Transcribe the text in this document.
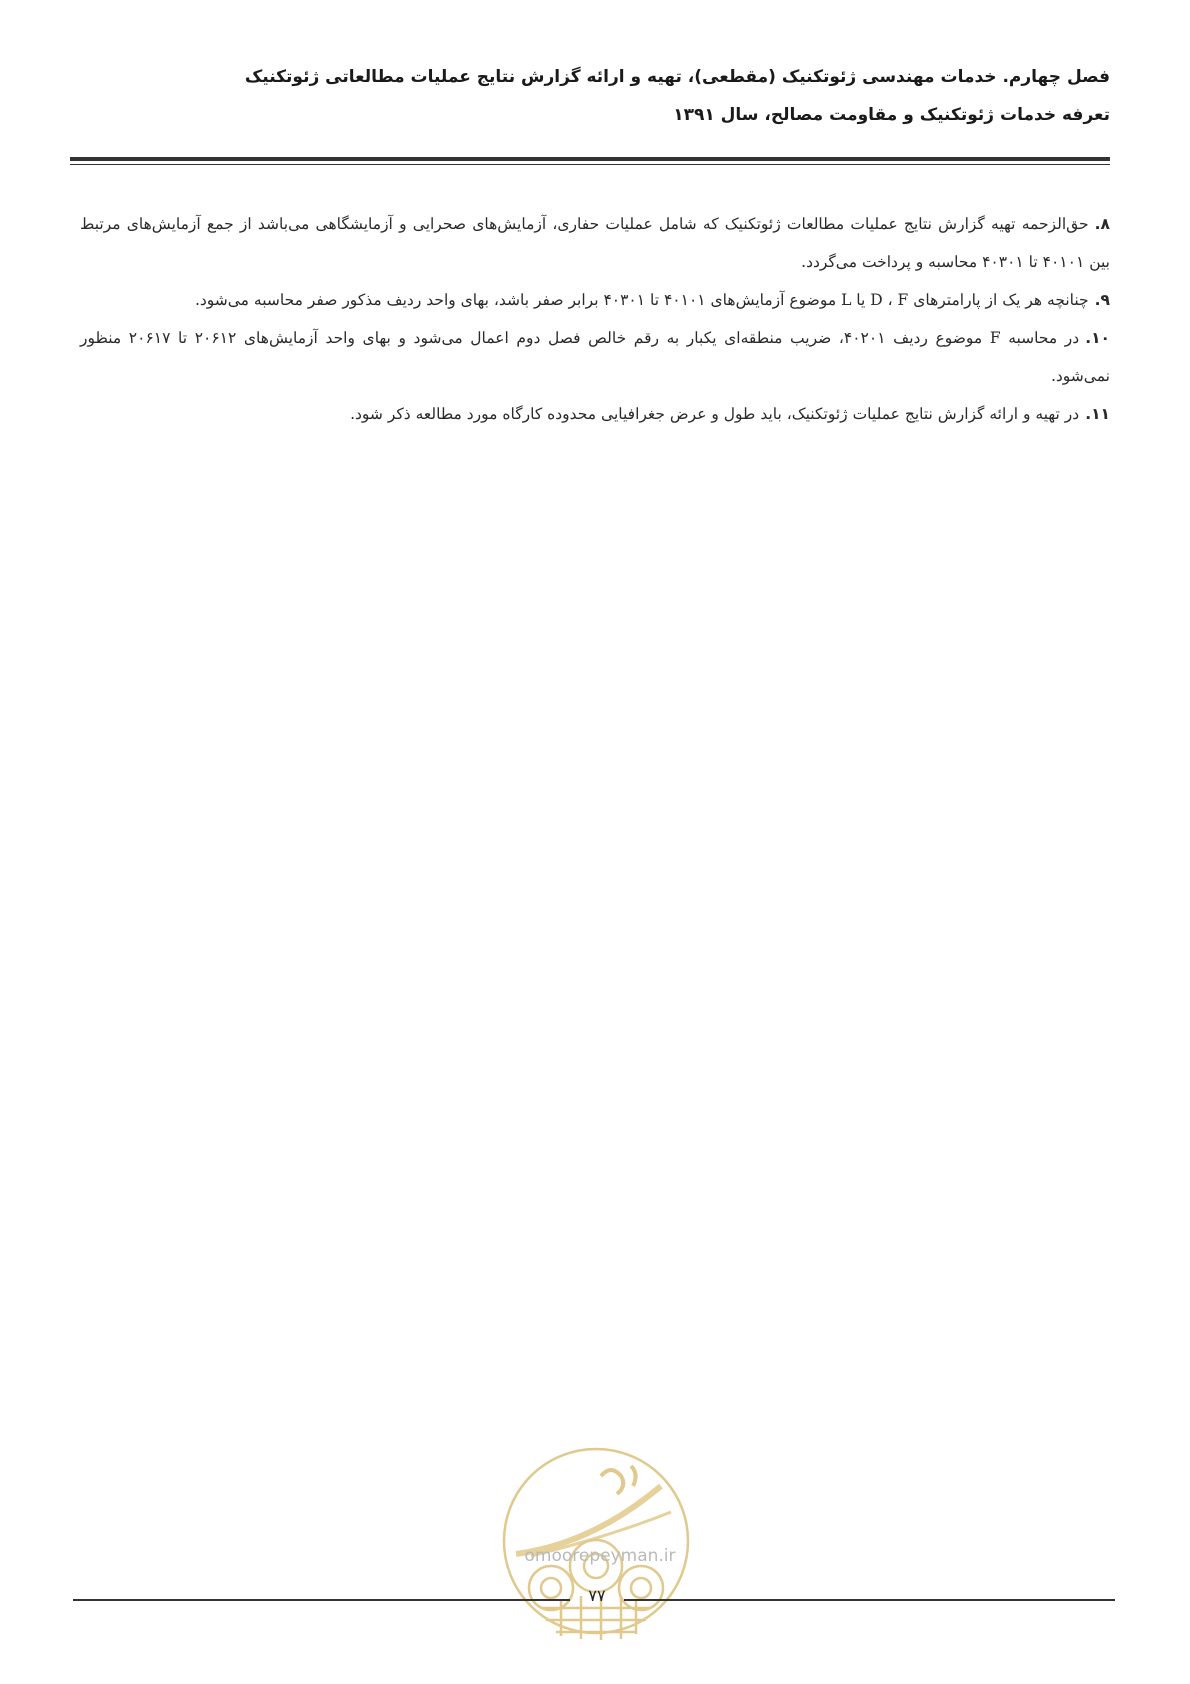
فصل چهارم. خدمات مهندسی ژئوتکنیک (مقطعی)، تهیه و ارائه گزارش نتایج عملیات مطالعاتی ژئوتکنیک
تعرفه خدمات ژئوتکنیک و مقاومت مصالح، سال ۱۳۹۱

۸.حق‌الزحمه تهیه گزارش نتایج عملیات مطالعات ژئوتکنیک که شامل عملیات حفاری، آزمایش‌های صحرایی و آزمایشگاهی می‌باشد از جمع آزمایش‌های مرتبط بین ۴۰۱۰۱ تا ۴۰۳۰۱ محاسبه و پرداخت می‌گردد.

۹.چنانچه هر یک از پارامترهای D ، F یا L موضوع آزمایش‌های ۴۰۱۰۱ تا ۴۰۳۰۱ برابر صفر باشد، بهای واحد ردیف مذکور صفر محاسبه می‌شود.

۱۰.در محاسبه F موضوع ردیف ۴۰۲۰۱، ضریب منطقه‌ای یکبار به رقم خالص فصل دوم اعمال می‌شود و بهای واحد آزمایش‌های ۲۰۶۱۲ تا ۲۰۶۱۷ منظور نمی‌شود.

۱۱.در تهیه و ارائه گزارش نتایج عملیات ژئوتکنیک، باید طول و عرض جغرافیایی محدوده کارگاه مورد مطالعه ذکر شود.

omoorepeyman.ir
۷۷
